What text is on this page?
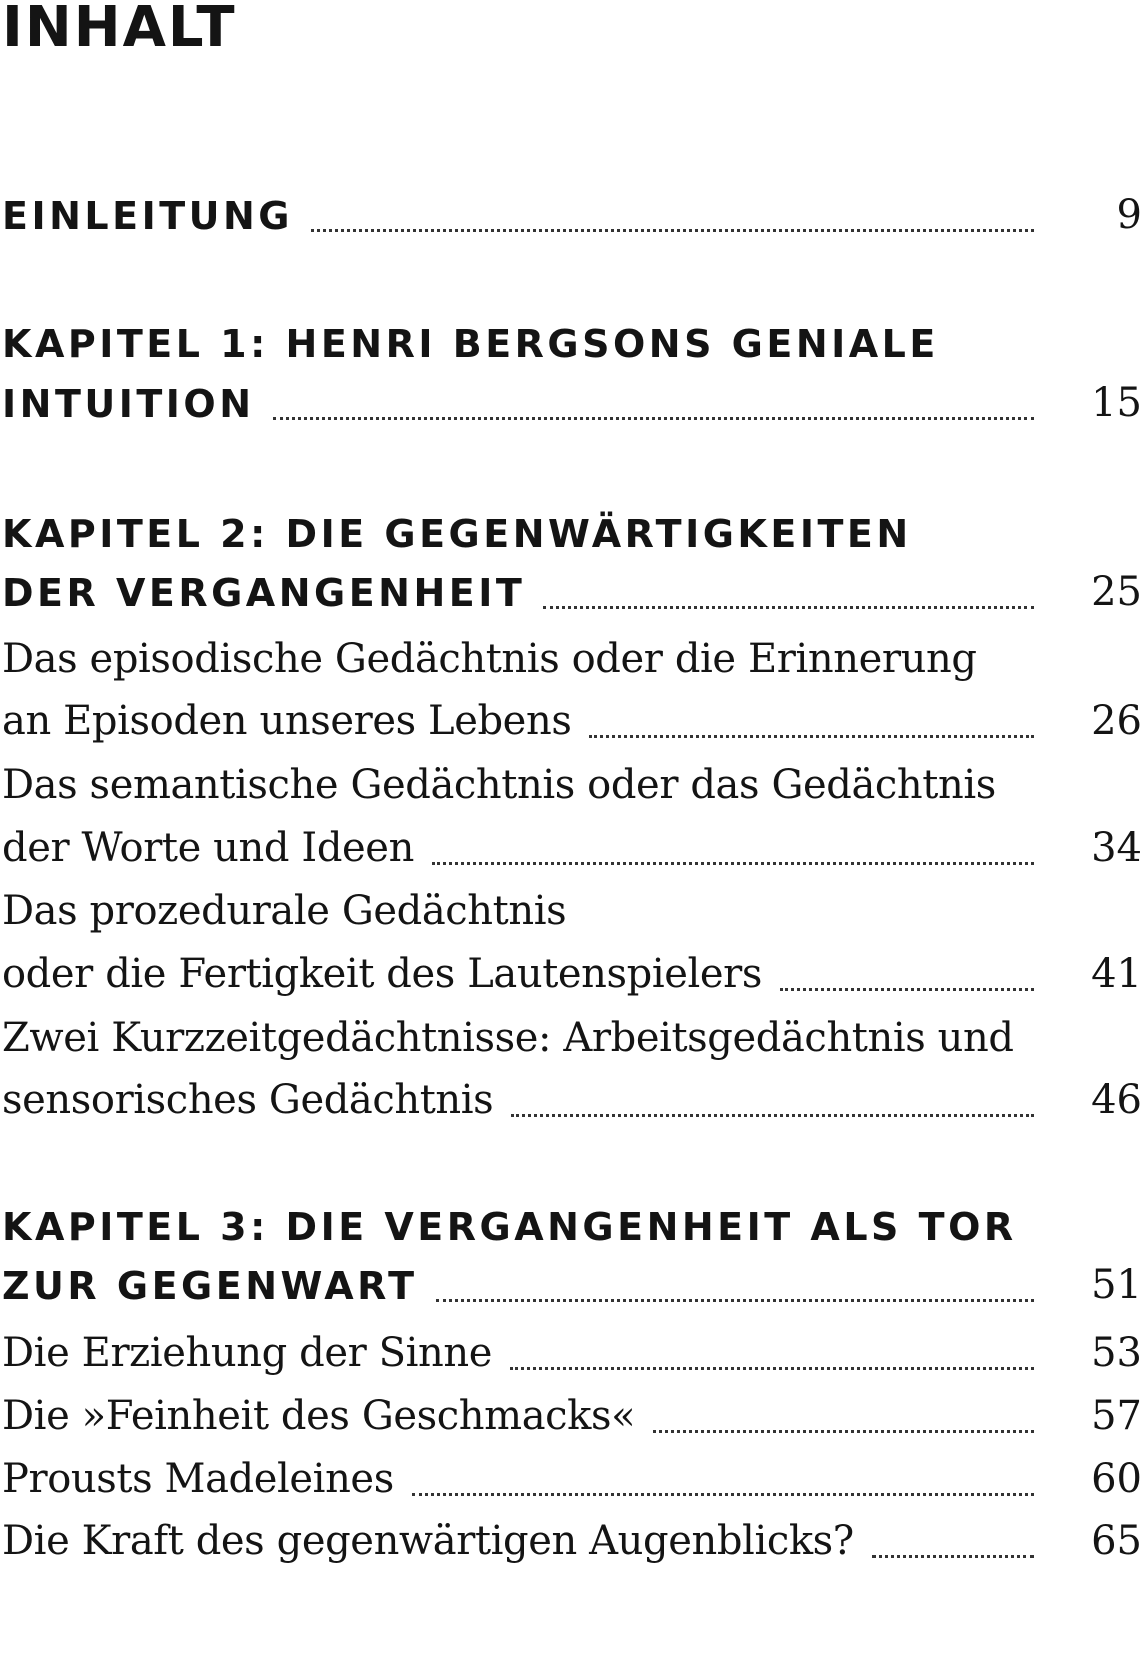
INHALT
EINLEITUNG	9
KAPITEL 1: HENRI BERGSONS GENIALE
INTUITION	15
KAPITEL 2: DIE GEGENWÄRTIGKEITEN
DER VERGANGENHEIT	25
Das episodische Gedächtnis oder die Erinnerung
an Episoden unseres Lebens	26
Das semantische Gedächtnis oder das Gedächtnis
der Worte und Ideen	34
Das prozedurale Gedächtnis
oder die Fertigkeit des Lautenspielers	41
Zwei Kurzzeitgedächtnisse: Arbeitsgedächtnis und
sensorisches Gedächtnis	46
KAPITEL 3: DIE VERGANGENHEIT ALS TOR
ZUR GEGENWART	51
Die Erziehung der Sinne	53
Die »Feinheit des Geschmacks«	57
Prousts Madeleines	60
Die Kraft des gegenwärtigen Augenblicks?	65
